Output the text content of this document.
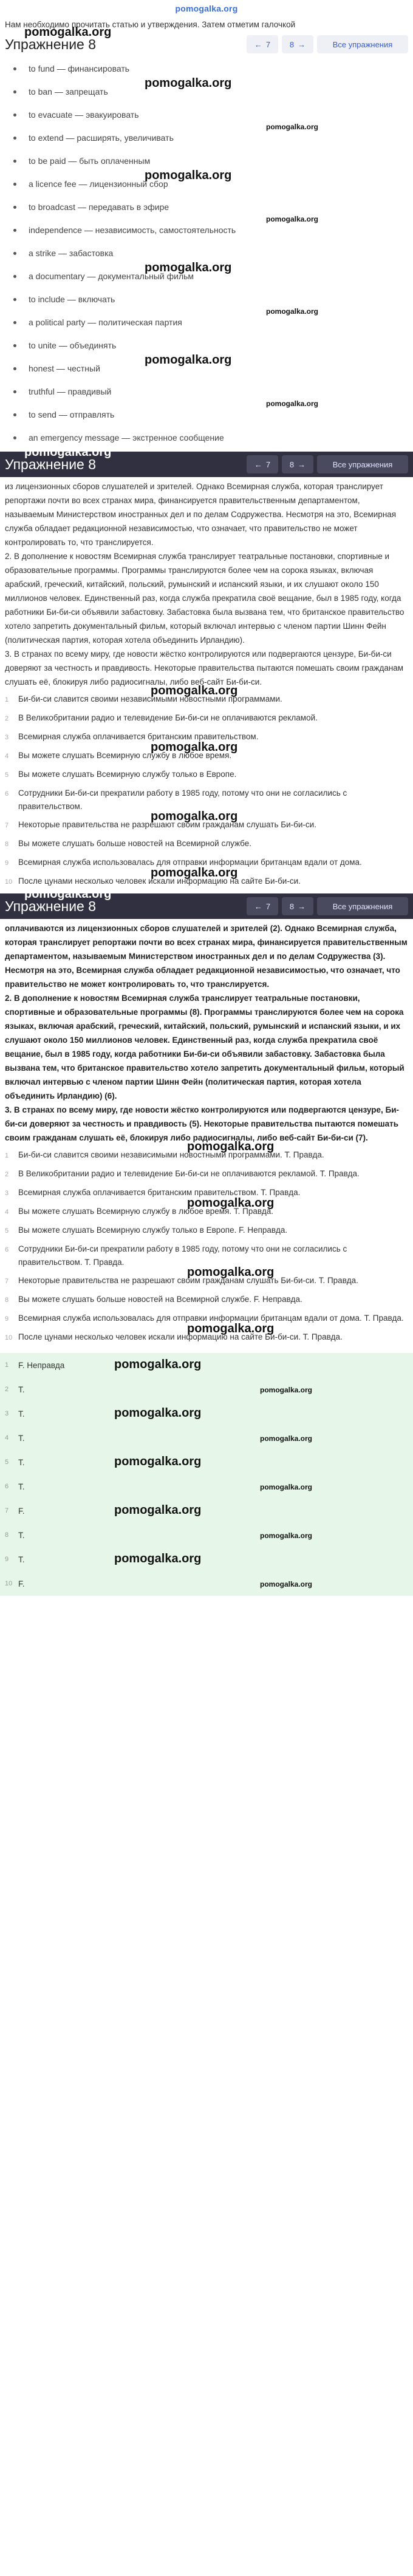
pomogalka.org
Нам необходимо прочитать статью и утверждения. Затем отметим галочкой
pomogalka.org
Упражнение 8	← 7 8 →	Все упражнения
to fund — финансировать
to ban — запрещать
pomogalka.org
to evacuate — эвакуировать
to extend — расширять, увеличивать
pomogalka.org
to be paid — быть оплаченным
a licence fee — лицензионный сбор
pomogalka.org
to broadcast — передавать в эфире
independence — независимость, самостоятельность
pomogalka.org
a strike — забастовка
a documentary — документальный фильм
pomogalka.org
to include — включать
a political party — политическая партия
pomogalka.org
to unite — объединять
honest — честный
pomogalka.org
truthful — правдивый
to send — отправлять
pomogalka.org
an emergency message — экстренное сообщение
pomogalka.org
Упражнение 8	← 7 8 →	Все упражнения

из лицензионных сборов слушателей и зрителей. Однако Всемирная служба, которая транслирует репортажи почти во всех странах мира, финансируется правительственным департаментом, называемым Министерством иностранных дел и по делам Содружества. Несмотря на это, Всемирная служба обладает редакционной независимостью, что означает, что правительство не может контролировать то, что транслируется.

2. В дополнение к новостям Всемирная служба транслирует театральные постановки, спортивные и образовательные программы. Программы транслируются более чем на сорока языках, включая арабский, греческий, китайский, польский, румынский и испанский языки, и их слушают около 150 миллионов человек. Единственный раз, когда служба прекратила своё вещание, был в 1985 году, когда работники Би-би-си объявили забастовку. Забастовка была вызвана тем, что британское правительство хотело запретить документальный фильм, который включал интервью с членом партии Шинн Фейн (политическая партия, которая хотела объединить Ирландию).

3. В странах по всему миру, где новости жёстко контролируются или подвергаются цензуре, Би-би-си доверяют за честность и правдивость. Некоторые правительства пытаются помешать своим гражданам слушать её, блокируя либо радиосигналы, либо веб-сайт Би-би-си.

1	Би-би-си славится своими независимыми новостными программами.
pomogalka.org
2	В Великобритании радио и телевидение Би-би-си не оплачиваются рекламой.
3	Всемирная служба оплачивается британским правительством.
4	Вы можете слушать Всемирную службу в любое время.
pomogalka.org
5	Вы можете слушать Всемирную службу только в Европе.
6	Сотрудники Би-би-си прекратили работу в 1985 году, потому что они не согласились с правительством.
7	Некоторые правительства не разрешают своим гражданам слушать Би-би-си.
pomogalka.org
8	Вы можете слушать больше новостей на Всемирной службе.
9	Всемирная служба использовалась для отправки информации британцам вдали от дома.
10 После цунами несколько человек искали информацию на сайте Би-би-си.
pomogalka.org
pomogalka.org
Упражнение 8	← 7 8 →	Все упражнения

оплачиваются из лицензионных сборов слушателей и зрителей (2). Однако Всемирная служба, которая транслирует репортажи почти во всех странах мира, финансируется правительственным департаментом, называемым Министерством иностранных дел и по делам Содружества (3). Несмотря на это, Всемирная служба обладает редакционной независимостью, что означает, что правительство не может контролировать то, что транслируется.

2. В дополнение к новостям Всемирная служба транслирует театральные постановки, спортивные и образовательные программы (8). Программы транслируются более чем на сорока языках, включая арабский, греческий, китайский, польский, румынский и испанский языки, и их слушают около 150 миллионов человек. Единственный раз, когда служба прекратила своё вещание, был в 1985 году, когда работники Би-би-си объявили забастовку. Забастовка была вызвана тем, что британское правительство хотело запретить документальный фильм, который включал интервью с членом партии Шинн Фейн (политическая партия, которая хотела объединить Ирландию) (6).

3. В странах по всему миру, где новости жёстко контролируются или подвергаются цензуре, Би-би-си доверяют за честность и правдивость (5). Некоторые правительства пытаются помешать своим гражданам слушать её, блокируя либо радиосигналы, либо веб-сайт Би-би-си (7).

1	Би-би-си славится своими независимыми новостными программами. T. Правда.
pomogalka.org
2	В Великобритании радио и телевидение Би-би-си не оплачиваются рекламой. T. Правда.
3	Всемирная служба оплачивается британским правительством. T. Правда.
4	Вы можете слушать Всемирную службу в любое время. T. Правда.
pomogalka.org
5	Вы можете слушать Всемирную службу только в Европе. F. Неправда.
6	Сотрудники Би-би-си прекратили работу в 1985 году, потому что они не согласились с правительством. T. Правда.
7	Некоторые правительства не разрешают своим гражданам слушать Би-би-си. T. Правда.
pomogalka.org
8	Вы можете слушать больше новостей на Всемирной службе. F. Неправда.
9	Всемирная служба использовалась для отправки информации британцам вдали от дома. T. Правда.
10 После цунами несколько человек искали информацию на сайте Би-би-си. T. Правда.
pomogalka.org
1	F. Неправда	pomogalka.org
2	T.	pomogalka.org
3	T.	pomogalka.org
4	T.	pomogalka.org
5	T.	pomogalka.org
6	T.	pomogalka.org
7	F.	pomogalka.org
8	T.	pomogalka.org
9	T.	pomogalka.org
10 F.	pomogalka.org
